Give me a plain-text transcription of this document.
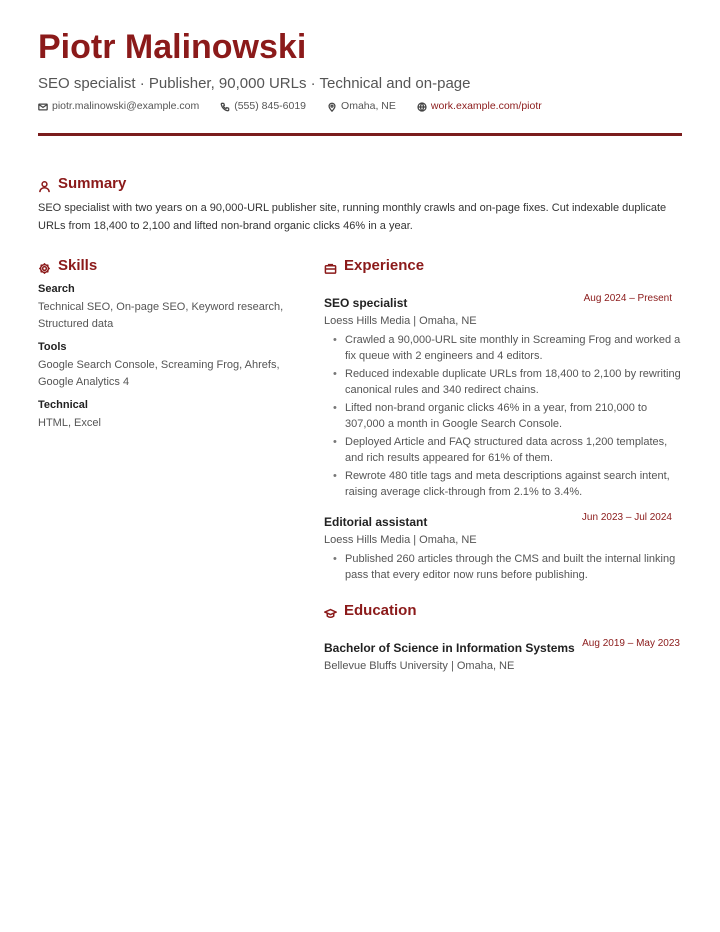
Piotr Malinowski
SEO specialist · Publisher, 90,000 URLs · Technical and on-page
piotr.malinowski@example.com	(555) 845-6019	Omaha, NE	work.example.com/piotr
Summary
SEO specialist with two years on a 90,000-URL publisher site, running monthly crawls and on-page fixes. Cut indexable duplicate URLs from 18,400 to 2,100 and lifted non-brand organic clicks 46% in a year.
Skills
Search
Technical SEO, On-page SEO, Keyword research, Structured data
Tools
Google Search Console, Screaming Frog, Ahrefs, Google Analytics 4
Technical
HTML, Excel
Experience
SEO specialist	Aug 2024 – Present
Loess Hills Media | Omaha, NE
• Crawled a 90,000-URL site monthly in Screaming Frog and worked a fix queue with 2 engineers and 4 editors.
• Reduced indexable duplicate URLs from 18,400 to 2,100 by rewriting canonical rules and 340 redirect chains.
• Lifted non-brand organic clicks 46% in a year, from 210,000 to 307,000 a month in Google Search Console.
• Deployed Article and FAQ structured data across 1,200 templates, and rich results appeared for 61% of them.
• Rewrote 480 title tags and meta descriptions against search intent, raising average click-through from 2.1% to 3.4%.
Editorial assistant	Jun 2023 – Jul 2024
Loess Hills Media | Omaha, NE
• Published 260 articles through the CMS and built the internal linking pass that every editor now runs before publishing.
Education
Bachelor of Science in Information Systems Aug 2019 – May 2023
Bellevue Bluffs University | Omaha, NE
